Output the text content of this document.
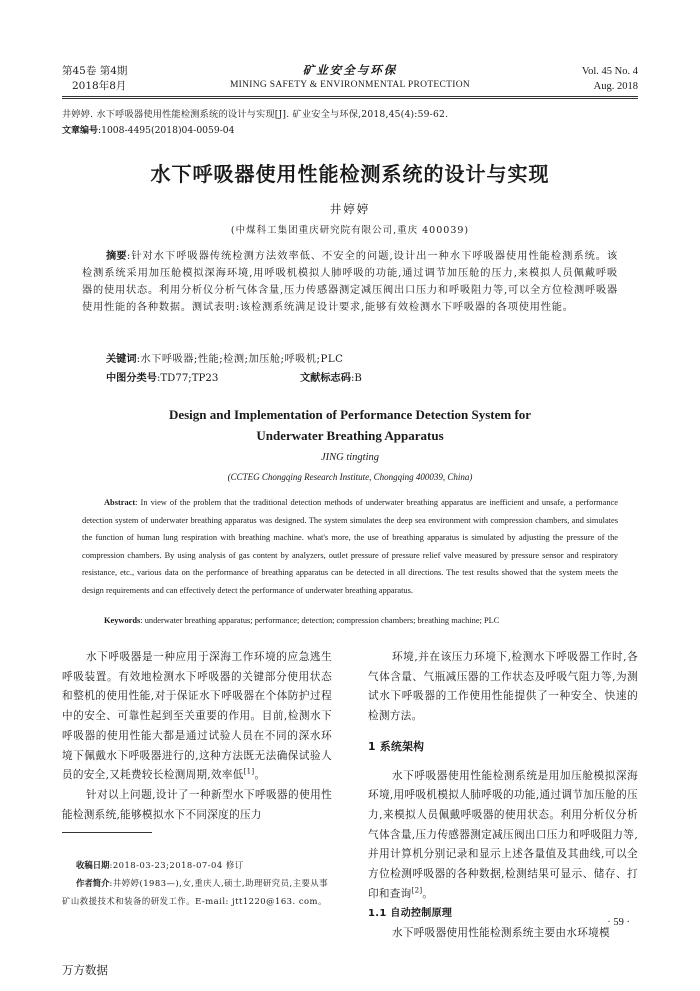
第45卷 第4期
2018年8月
矿业安全与环保
MINING SAFETY & ENVIRONMENTAL PROTECTION
Vol. 45 No. 4
Aug. 2018
井婷婷. 水下呼吸器使用性能检测系统的设计与实现[J]. 矿业安全与环保,2018,45(4):59-62.
文章编号:1008-4495(2018)04-0059-04
水下呼吸器使用性能检测系统的设计与实现
井婷婷
(中煤科工集团重庆研究院有限公司,重庆 400039)
摘要:针对水下呼吸器传统检测方法效率低、不安全的问题,设计出一种水下呼吸器使用性能检测系统。该检测系统采用加压舱模拟深海环境,用呼吸机模拟人肺呼吸的功能,通过调节加压舱的压力,来模拟人员佩戴呼吸器的使用状态。利用分析仪分析气体含量,压力传感器测定减压阀出口压力和呼吸阻力等,可以全方位检测呼吸器使用性能的各种数据。测试表明:该检测系统满足设计要求,能够有效检测水下呼吸器的各项使用性能。
关键词:水下呼吸器;性能;检测;加压舱;呼吸机;PLC
中图分类号:TD77;TP23	文献标志码:B
Design and Implementation of Performance Detection System for
Underwater Breathing Apparatus
JING tingting
(CCTEG Chongqing Research Institute, Chongqing 400039, China)
Abstract: In view of the problem that the traditional detection methods of underwater breathing apparatus are inefficient and unsafe, a performance detection system of underwater breathing apparatus was designed. The system simulates the deep sea environment with compression chambers, and simulates the function of human lung respiration with breathing machine. what's more, the use of breathing apparatus is simulated by adjusting the pressure of the compression chambers. By using analysis of gas content by analyzers, outlet pressure of pressure relief valve measured by pressure sensor and respiratory resistance, etc., various data on the performance of breathing apparatus can be detected in all directions. The test results showed that the system meets the design requirements and can effectively detect the performance of underwater breathing apparatus.
Keywords: underwater breathing apparatus; performance; detection; compression chambers; breathing machine; PLC

水下呼吸器是一种应用于深海工作环境的应急逃生呼吸装置。有效地检测水下呼吸器的关键部分使用状态和整机的使用性能,对于保证水下呼吸器在个体防护过程中的安全、可靠性起到至关重要的作用。目前,检测水下呼吸器的使用性能大都是通过试验人员在不同的深水环境下佩戴水下呼吸器进行的,这种方法既无法确保试验人员的安全,又耗费较长检测周期,效率低[1]。

针对以上问题,设计了一种新型水下呼吸器的使用性能检测系统,能够模拟水下不同深度的压力

环境,并在该压力环境下,检测水下呼吸器工作时,各气体含量、气瓶减压器的工作状态及呼吸气阻力等,为测试水下呼吸器的工作使用性能提供了一种安全、快速的检测方法。

1 系统架构

水下呼吸器使用性能检测系统是用加压舱模拟深海环境,用呼吸机模拟人肺呼吸的功能,通过调节加压舱的压力,来模拟人员佩戴呼吸器的使用状态。利用分析仪分析气体含量,压力传感器测定减压阀出口压力和呼吸阻力等,并用计算机分别记录和显示上述各量值及其曲线,可以全方位检测呼吸器的各种数据,检测结果可显示、储存、打印和查询[2]。

1.1 自动控制原理

水下呼吸器使用性能检测系统主要由水环境模

收稿日期:2018-03-23;2018-07-04 修订
作者简介:井婷婷(1983—),女,重庆人,硕士,助理研究员,主要从事矿山救援技术和装备的研发工作。E-mail: jtt1220@163. com。
· 59 ·
万方数据
